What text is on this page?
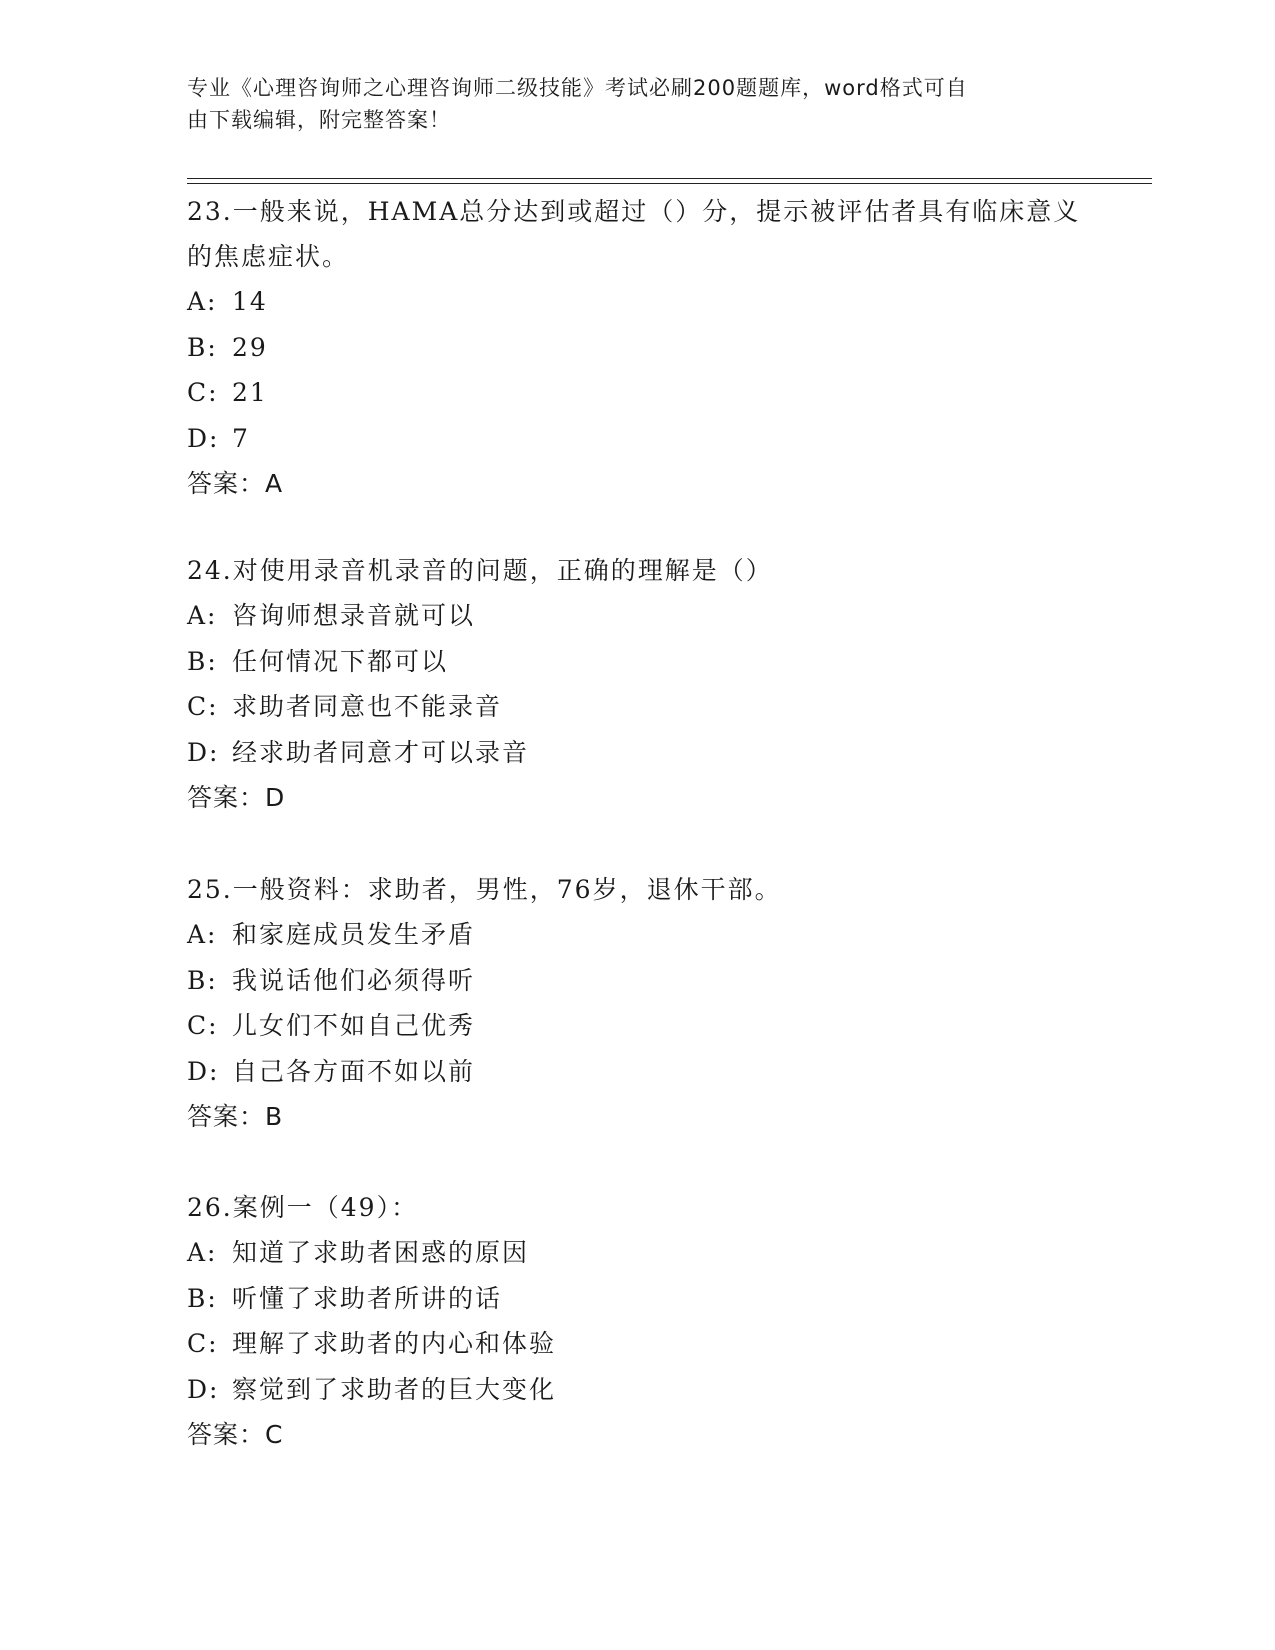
专业《心理咨询师之心理咨询师二级技能》考试必刷200题题库，word格式可自
由下载编辑，附完整答案！

23.一般来说，HAMA总分达到或超过（）分，提示被评估者具有临床意义的焦虑症状。

A: 14

B: 29

C: 21

D: 7

答案：A

24.对使用录音机录音的问题，正确的理解是（）

A: 咨询师想录音就可以

B: 任何情况下都可以

C: 求助者同意也不能录音

D: 经求助者同意才可以录音

答案：D

25.一般资料：求助者，男性，76岁，退休干部。

A: 和家庭成员发生矛盾

B: 我说话他们必须得听

C: 儿女们不如自己优秀

D: 自己各方面不如以前

答案：B

26.案例一（49）：

A: 知道了求助者困惑的原因

B: 听懂了求助者所讲的话

C: 理解了求助者的内心和体验

D: 察觉到了求助者的巨大变化

答案：C
